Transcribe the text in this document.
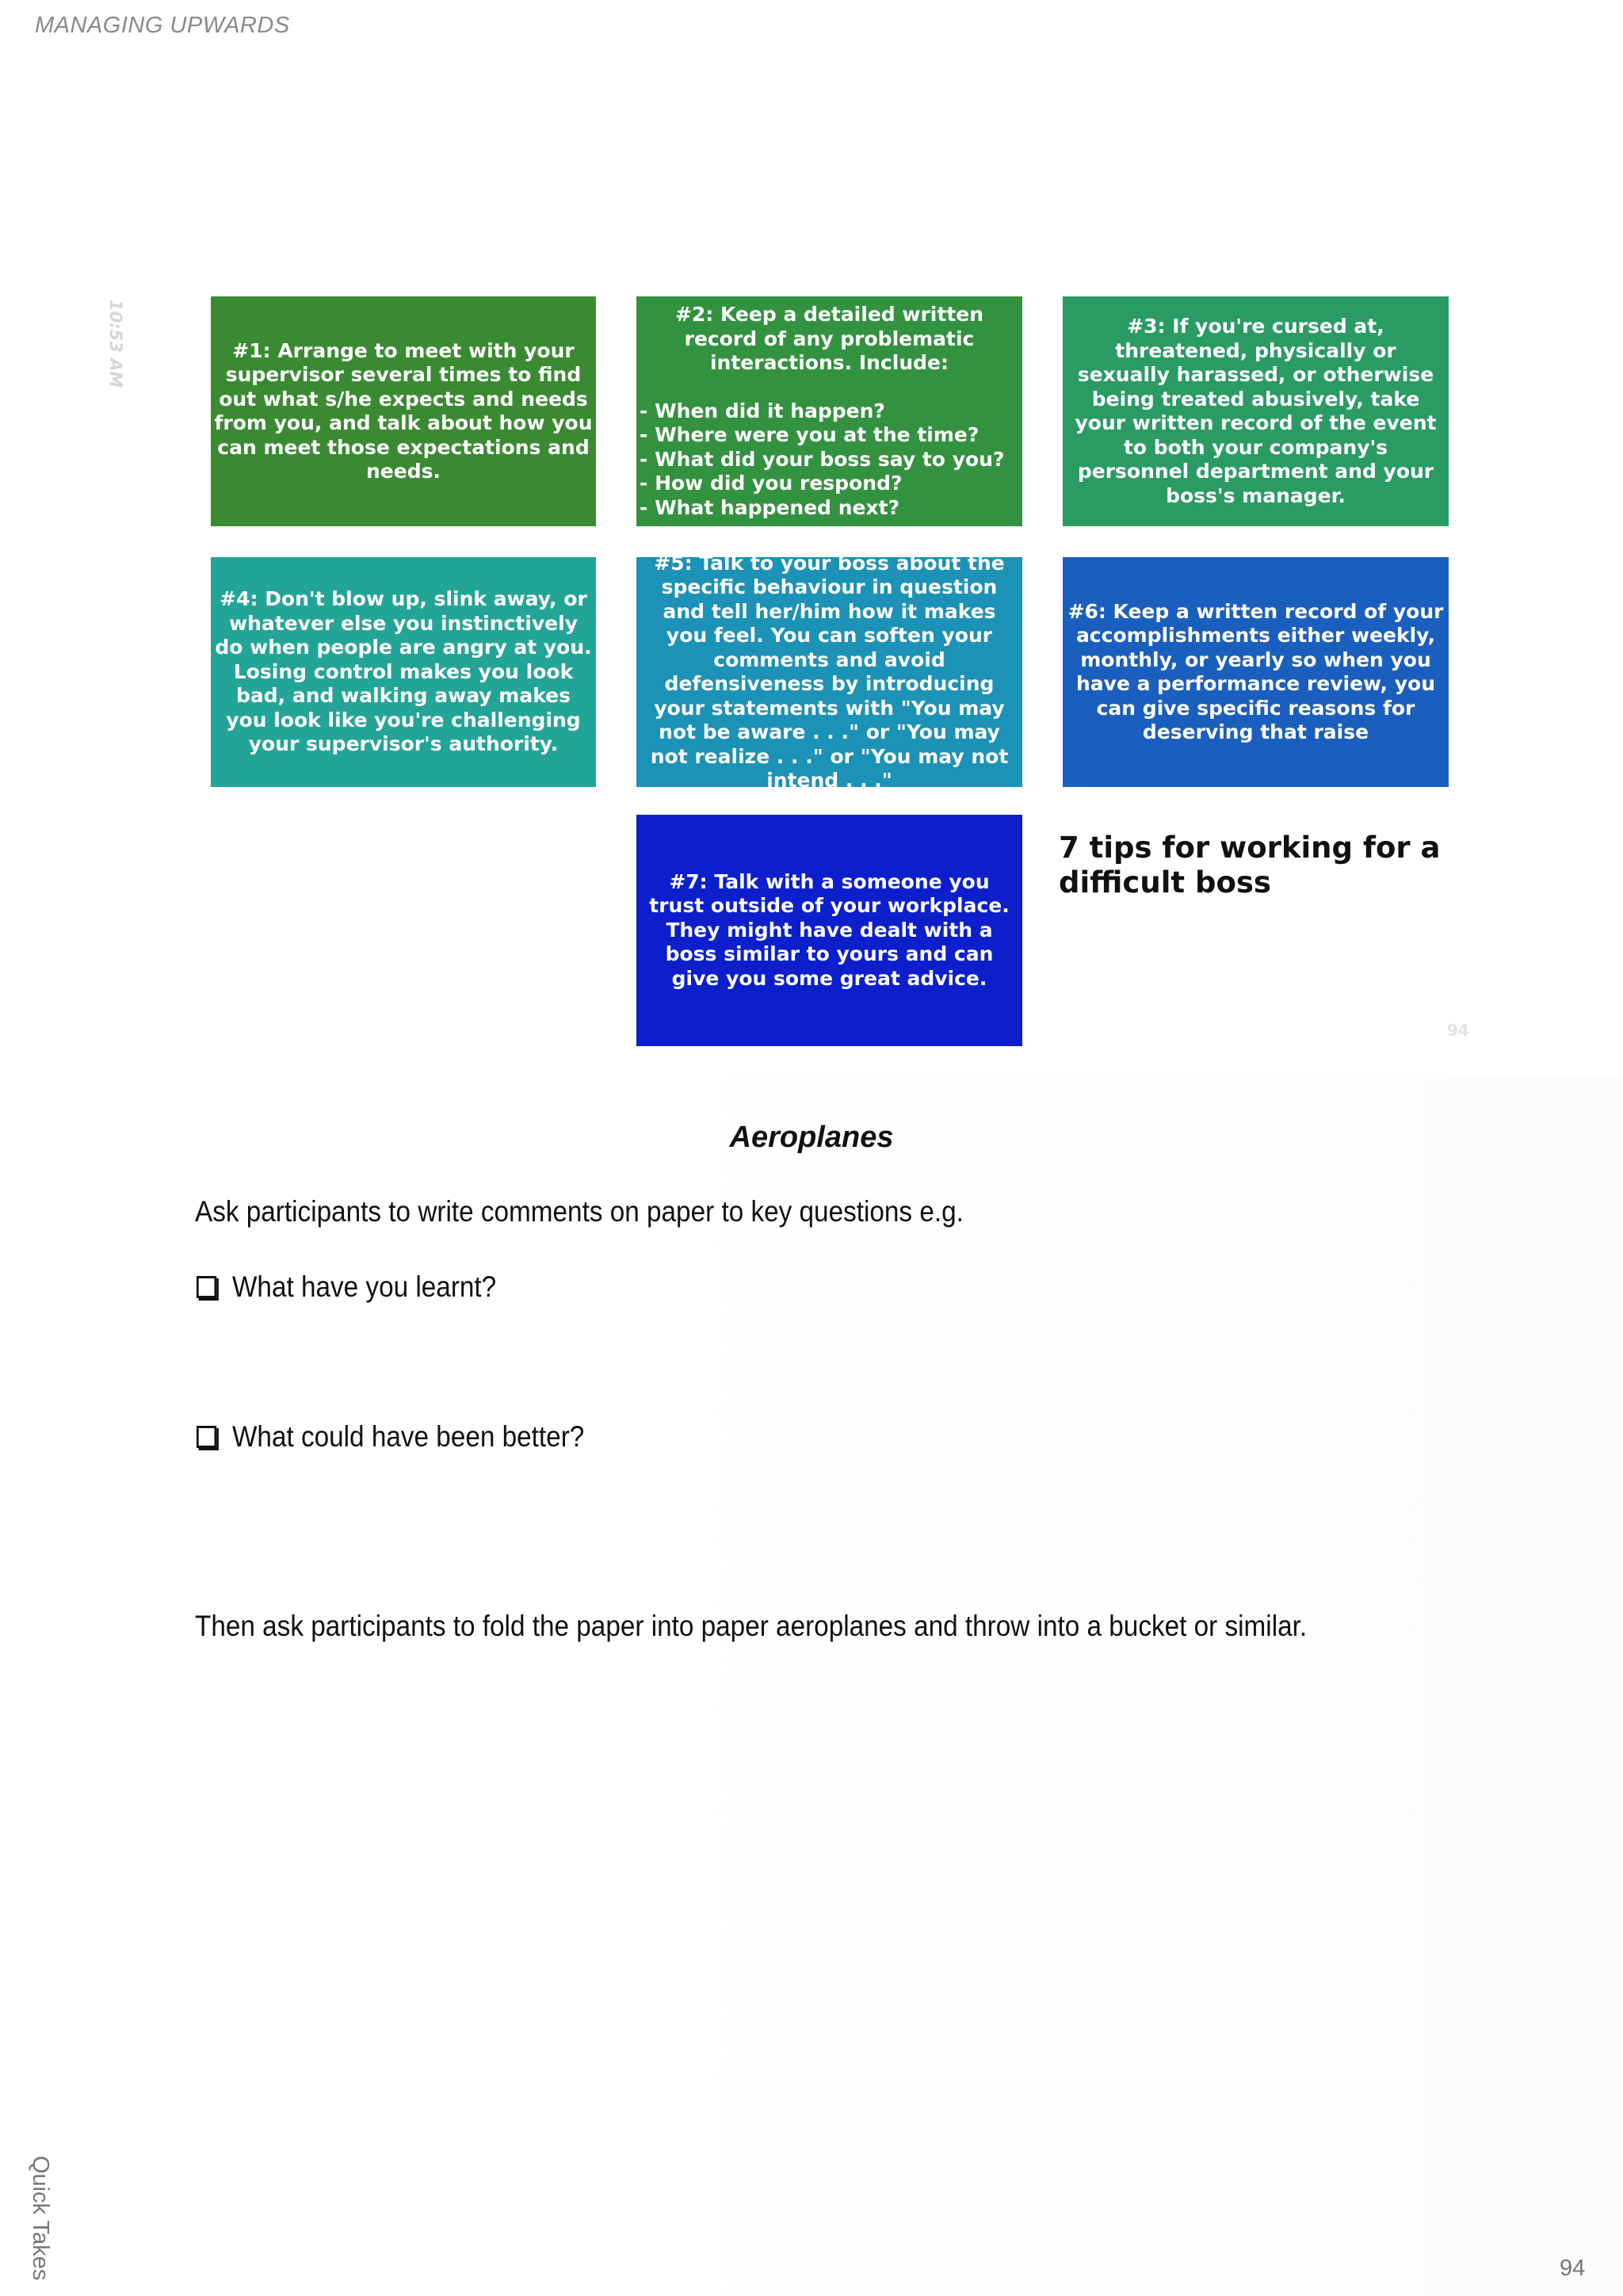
MANAGING UPWARDS
10:53 AM	#1: Arrange to meet with your supervisor several times to find out what s/he expects and needs from you, and talk about how you can meet those expectations and needs.
#2: Keep a detailed written record of any problematic interactions. Include:
- When did it happen?
- Where were you at the time?
- What did your boss say to you?
- How did you respond?
- What happened next?
#3: If you're cursed at, threatened, physically or sexually harassed, or otherwise being treated abusively, take your written record of the event to both your company's personnel department and your boss's manager.
#4: Don't blow up, slink away, or whatever else you instinctively do when people are angry at you. Losing control makes you look bad, and walking away makes you look like you're challenging your supervisor's authority.
#5: Talk to your boss about the specific behaviour in question and tell her/him how it makes you feel. You can soften your comments and avoid defensiveness by introducing your statements with "You may not be aware . . ." or "You may not realize . . ." or "You may not intend . . ."
#6: Keep a written record of your accomplishments either weekly, monthly, or yearly so when you have a performance review, you can give specific reasons for deserving that raise
#7: Talk with a someone you trust outside of your workplace. They might have dealt with a boss similar to yours and can give you some great advice.
7 tips for working for a difficult boss
94
Aeroplanes
Ask participants to write comments on paper to key questions e.g.
What have you learnt?
What could have been better?
Then ask participants to fold the paper into paper aeroplanes and throw into a bucket or similar.
Quick Takes	94
